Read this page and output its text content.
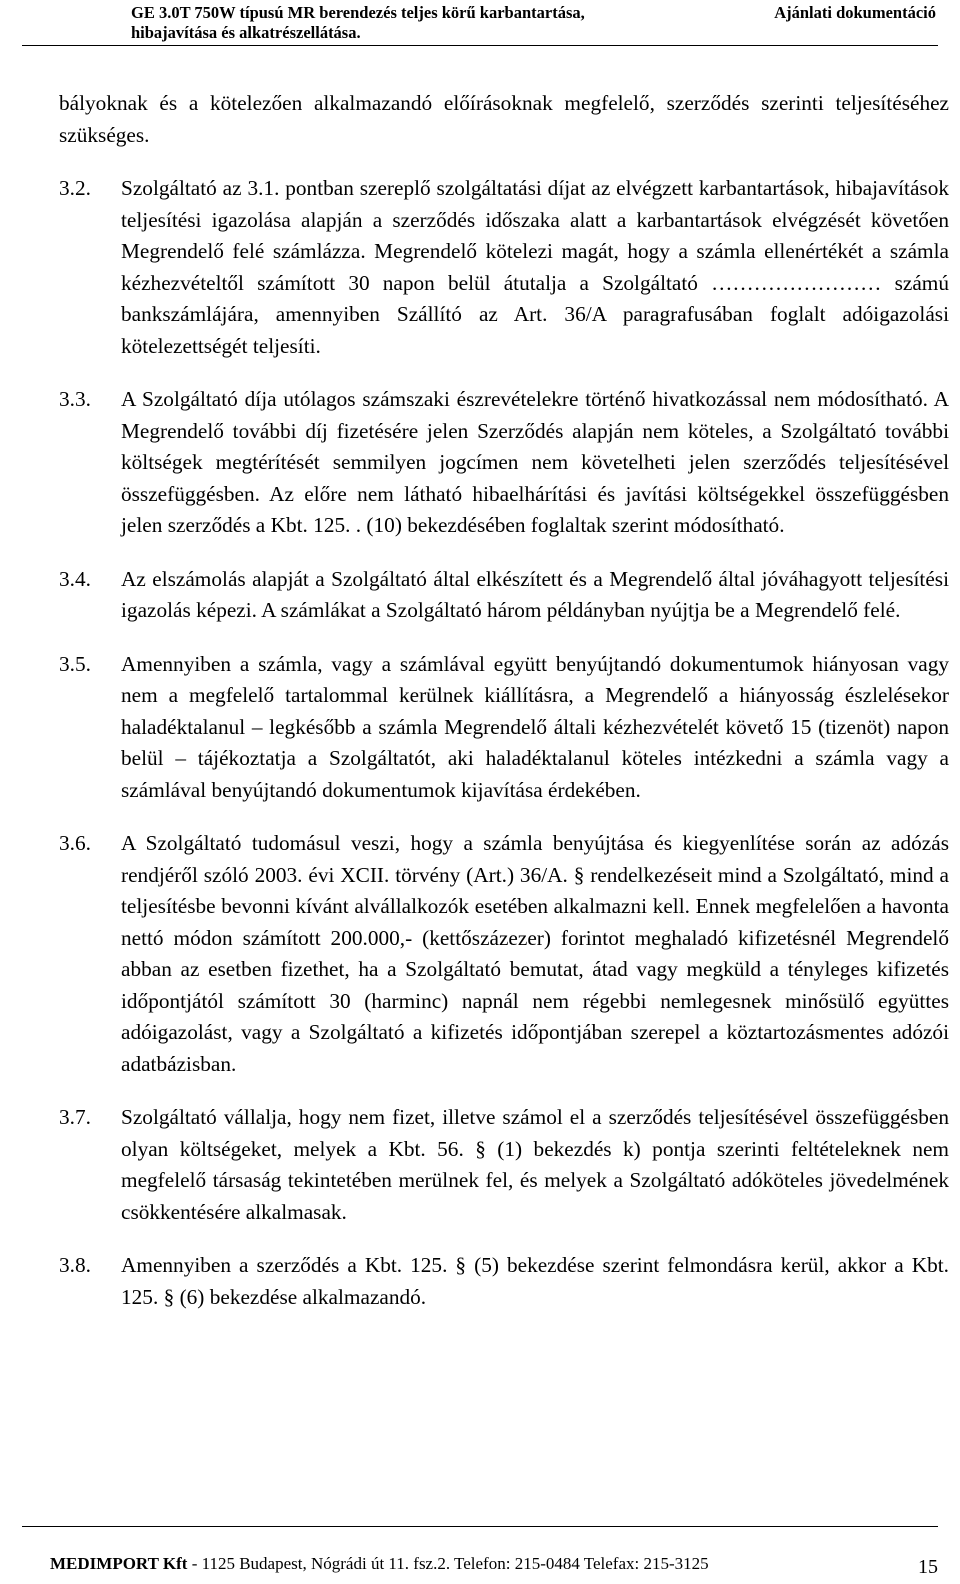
GE 3.0T 750W típusú MR berendezés teljes körű karbantartása,
hibajavítása és alkatrészellátása.
Ajánlati dokumentáció

bályoknak és a kötelezően alkalmazandó előírásoknak megfelelő, szerződés szerinti teljesítéséhez szükséges.

3.2.	Szolgáltató az 3.1. pontban szereplő szolgáltatási díjat az elvégzett karbantartások, hibajavítások teljesítési igazolása alapján a szerződés időszaka alatt a karbantartások elvégzését követően Megrendelő felé számlázza. Megrendelő kötelezi magát, hogy a számla ellenértékét a számla kézhezvételtől számított 30 napon belül átutalja a Szolgáltató …………………… számú bankszámlájára, amennyiben Szállító az Art. 36/A paragrafusában foglalt adóigazolási kötelezettségét teljesíti.
3.3.	A Szolgáltató díja utólagos számszaki észrevételekre történő hivatkozással nem módosítható. A Megrendelő további díj fizetésére jelen Szerződés alapján nem köteles, a Szolgáltató további költségek megtérítését semmilyen jogcímen nem követelheti jelen szerződés teljesítésével összefüggésben. Az előre nem látható hibaelhárítási és javítási költségekkel összefüggésben jelen szerződés a Kbt. 125. . (10) bekezdésében foglaltak szerint módosítható.
3.4.	Az elszámolás alapját a Szolgáltató által elkészített és a Megrendelő által jóváhagyott teljesítési igazolás képezi. A számlákat a Szolgáltató három példányban nyújtja be a Megrendelő felé.
3.5.	Amennyiben a számla, vagy a számlával együtt benyújtandó dokumentumok hiányosan vagy nem a megfelelő tartalommal kerülnek kiállításra, a Megrendelő a hiányosság észlelésekor haladéktalanul – legkésőbb a számla Megrendelő általi kézhezvételét követő 15 (tizenöt) napon belül – tájékoztatja a Szolgáltatót, aki haladéktalanul köteles intézkedni a számla vagy a számlával benyújtandó dokumentumok kijavítása érdekében.
3.6.	A Szolgáltató tudomásul veszi, hogy a számla benyújtása és kiegyenlítése során az adózás rendjéről szóló 2003. évi XCII. törvény (Art.) 36/A. § rendelkezéseit mind a Szolgáltató, mind a teljesítésbe bevonni kívánt alvállalkozók esetében alkalmazni kell. Ennek megfelelően a havonta nettó módon számított 200.000,- (kettőszázezer) forintot meghaladó kifizetésnél Megrendelő abban az esetben fizethet, ha a Szolgáltató bemutat, átad vagy megküld a tényleges kifizetés időpontjától számított 30 (harminc) napnál nem régebbi nemlegesnek minősülő együttes adóigazolást, vagy a Szolgáltató a kifizetés időpontjában szerepel a köztartozásmentes adózói adatbázisban.
3.7.	Szolgáltató vállalja, hogy nem fizet, illetve számol el a szerződés teljesítésével összefüggésben olyan költségeket, melyek a Kbt. 56. § (1) bekezdés k) pontja szerinti feltételeknek nem megfelelő társaság tekintetében merülnek fel, és melyek a Szolgáltató adóköteles jövedelmének csökkentésére alkalmasak.
3.8.	Amennyiben a szerződés a Kbt. 125. § (5) bekezdése szerint felmondásra kerül, akkor a Kbt. 125. § (6) bekezdése alkalmazandó.
MEDIMPORT Kft - 1125 Budapest, Nógrádi út 11. fsz.2. Telefon: 215-0484 Telefax: 215-3125	15
